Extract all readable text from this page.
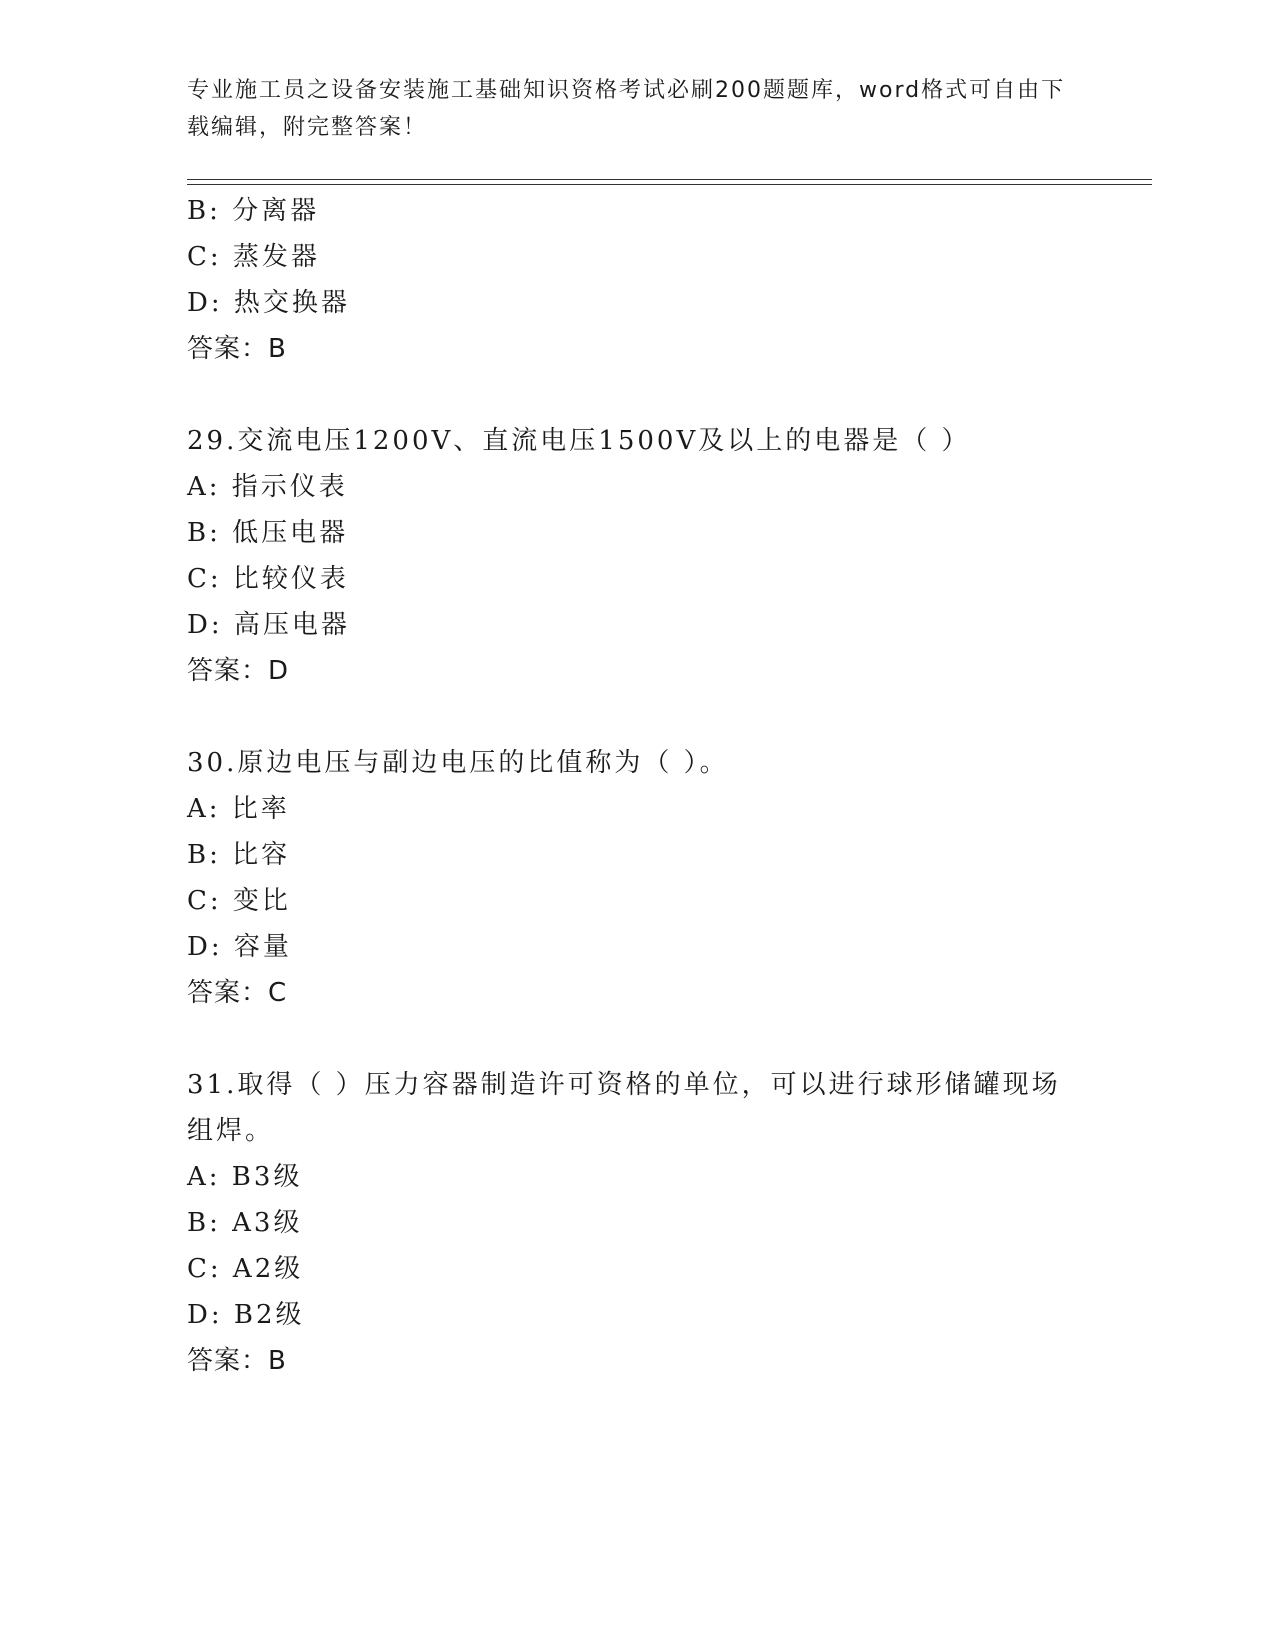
专业施工员之设备安装施工基础知识资格考试必刷200题题库，word格式可自由下载编辑，附完整答案！
B: 分离器
C: 蒸发器
D: 热交换器
答案：B
29.交流电压1200V、直流电压1500V及以上的电器是（ ）
A: 指示仪表
B: 低压电器
C: 比较仪表
D: 高压电器
答案：D
30.原边电压与副边电压的比值称为（ ）。
A: 比率
B: 比容
C: 变比
D: 容量
答案：C
31.取得（ ）压力容器制造许可资格的单位，可以进行球形储罐现场组焊。
A: B3级
B: A3级
C: A2级
D: B2级
答案：B
